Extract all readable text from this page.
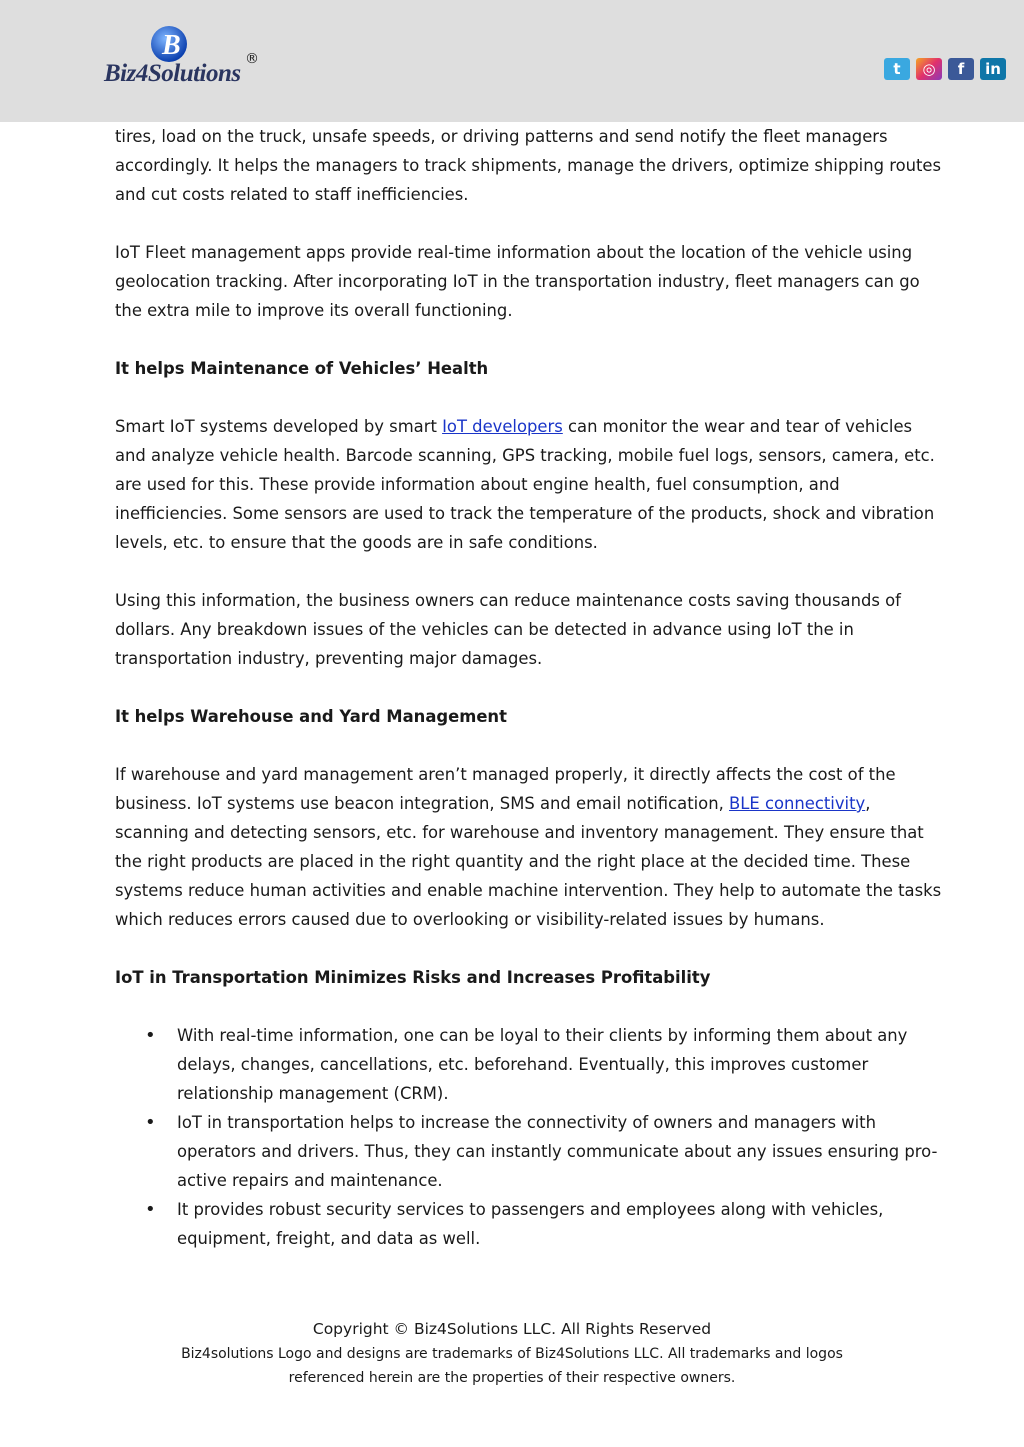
B
Biz4Solutions
®
t	◎	f	in

tires, load on the truck, unsafe speeds, or driving patterns and send notify the fleet managers accordingly. It helps the managers to track shipments, manage the drivers, optimize shipping routes and cut costs related to staff inefficiencies.

IoT Fleet management apps provide real-time information about the location of the vehicle using geolocation tracking. After incorporating IoT in the transportation industry, fleet managers can go the extra mile to improve its overall functioning.

It helps Maintenance of Vehicles’ Health

Smart IoT systems developed by smart IoT developers can monitor the wear and tear of vehicles and analyze vehicle health. Barcode scanning, GPS tracking, mobile fuel logs, sensors, camera, etc. are used for this. These provide information about engine health, fuel consumption, and inefficiencies. Some sensors are used to track the temperature of the products, shock and vibration levels, etc. to ensure that the goods are in safe conditions.

Using this information, the business owners can reduce maintenance costs saving thousands of dollars. Any breakdown issues of the vehicles can be detected in advance using IoT the in transportation industry, preventing major damages.

It helps Warehouse and Yard Management

If warehouse and yard management aren’t managed properly, it directly affects the cost of the business. IoT systems use beacon integration, SMS and email notification, BLE connectivity, scanning and detecting sensors, etc. for warehouse and inventory management. They ensure that the right products are placed in the right quantity and the right place at the decided time. These systems reduce human activities and enable machine intervention. They help to automate the tasks which reduces errors caused due to overlooking or visibility-related issues by humans.

IoT in Transportation Minimizes Risks and Increases Profitability
• With real-time information, one can be loyal to their clients by informing them about any delays, changes, cancellations, etc. beforehand. Eventually, this improves customer relationship management (CRM).
• IoT in transportation helps to increase the connectivity of owners and managers with operators and drivers. Thus, they can instantly communicate about any issues ensuring pro-active repairs and maintenance.
• It provides robust security services to passengers and employees along with vehicles, equipment, freight, and data as well.
Copyright © Biz4Solutions LLC. All Rights Reserved
Biz4solutions Logo and designs are trademarks of Biz4Solutions LLC. All trademarks and logos
referenced herein are the properties of their respective owners.
